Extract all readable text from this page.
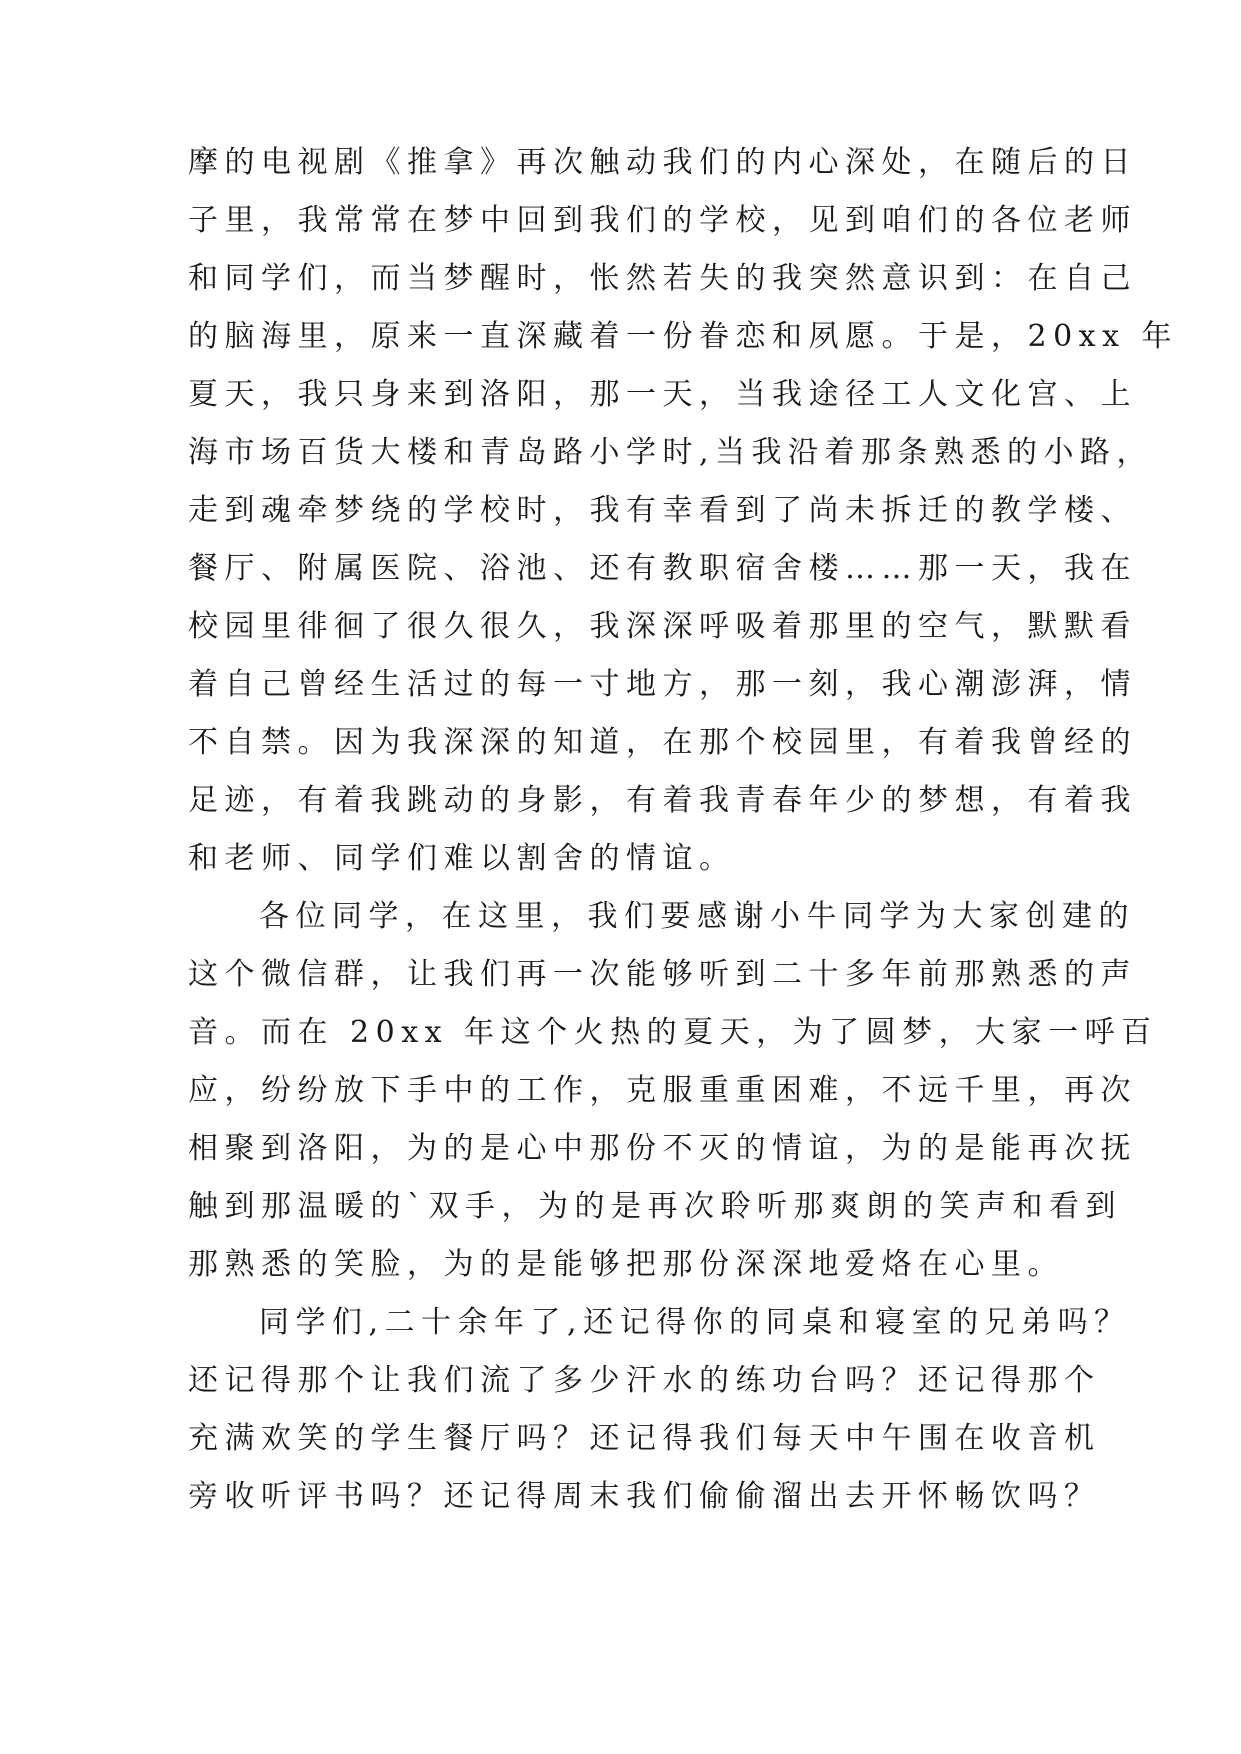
摩的电视剧《推拿》再次触动我们的内心深处，在随后的日
子里，我常常在梦中回到我们的学校，见到咱们的各位老师
和同学们，而当梦醒时，怅然若失的我突然意识到：在自己
的脑海里，原来一直深藏着一份眷恋和夙愿。于是，20xx 年
夏天，我只身来到洛阳，那一天，当我途径工人文化宫、上
海市场百货大楼和青岛路小学时,当我沿着那条熟悉的小路，
走到魂牵梦绕的学校时，我有幸看到了尚未拆迁的教学楼、
餐厅、附属医院、浴池、还有教职宿舍楼……那一天，我在
校园里徘徊了很久很久，我深深呼吸着那里的空气，默默看
着自己曾经生活过的每一寸地方，那一刻，我心潮澎湃，情
不自禁。因为我深深的知道，在那个校园里，有着我曾经的
足迹，有着我跳动的身影，有着我青春年少的梦想，有着我
和老师、同学们难以割舍的情谊。
各位同学，在这里，我们要感谢小牛同学为大家创建的
这个微信群，让我们再一次能够听到二十多年前那熟悉的声
音。而在 20xx 年这个火热的夏天，为了圆梦，大家一呼百
应，纷纷放下手中的工作，克服重重困难，不远千里，再次
相聚到洛阳，为的是心中那份不灭的情谊，为的是能再次抚
触到那温暖的`双手，为的是再次聆听那爽朗的笑声和看到
那熟悉的笑脸，为的是能够把那份深深地爱烙在心里。
同学们,二十余年了,还记得你的同桌和寝室的兄弟吗？
还记得那个让我们流了多少汗水的练功台吗？还记得那个
充满欢笑的学生餐厅吗？还记得我们每天中午围在收音机
旁收听评书吗？还记得周末我们偷偷溜出去开怀畅饮吗？
